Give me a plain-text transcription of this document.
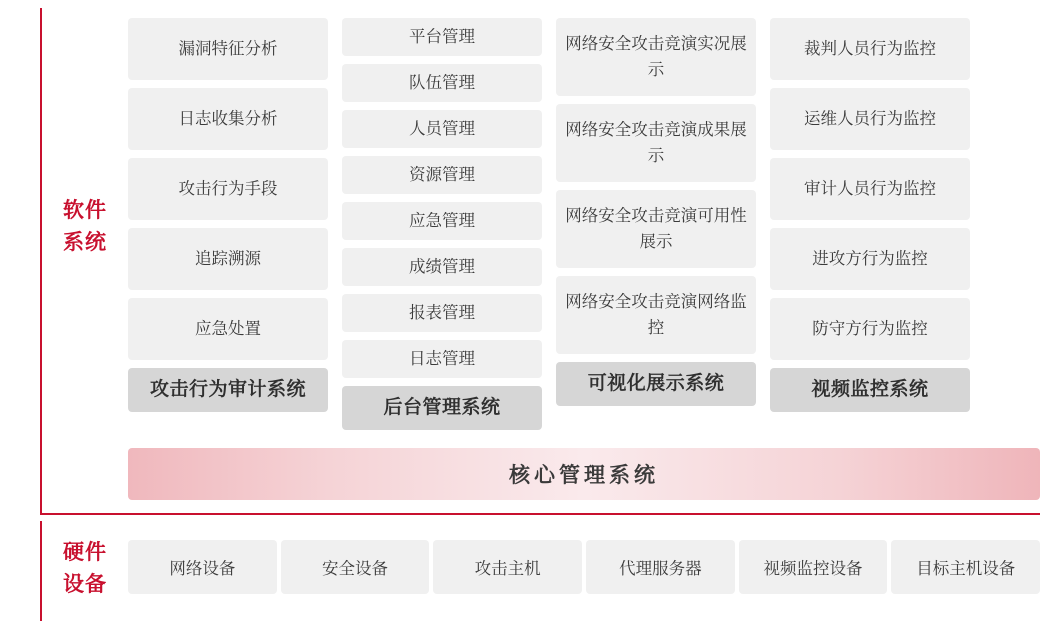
软件
系统
硬件
设备
漏洞特征分析
日志收集分析
攻击行为手段
追踪溯源
应急处置
攻击行为审计系统
平台管理
队伍管理
人员管理
资源管理
应急管理
成绩管理
报表管理
日志管理
后台管理系统
网络安全攻击竞演实况展示
网络安全攻击竞演成果展示
网络安全攻击竞演可用性展示
网络安全攻击竞演网络监控
可视化展示系统
裁判人员行为监控
运维人员行为监控
审计人员行为监控
进攻方行为监控
防守方行为监控
视频监控系统
核心管理系统
网络设备	安全设备	攻击主机	代理服务器	视频监控设备	目标主机设备
